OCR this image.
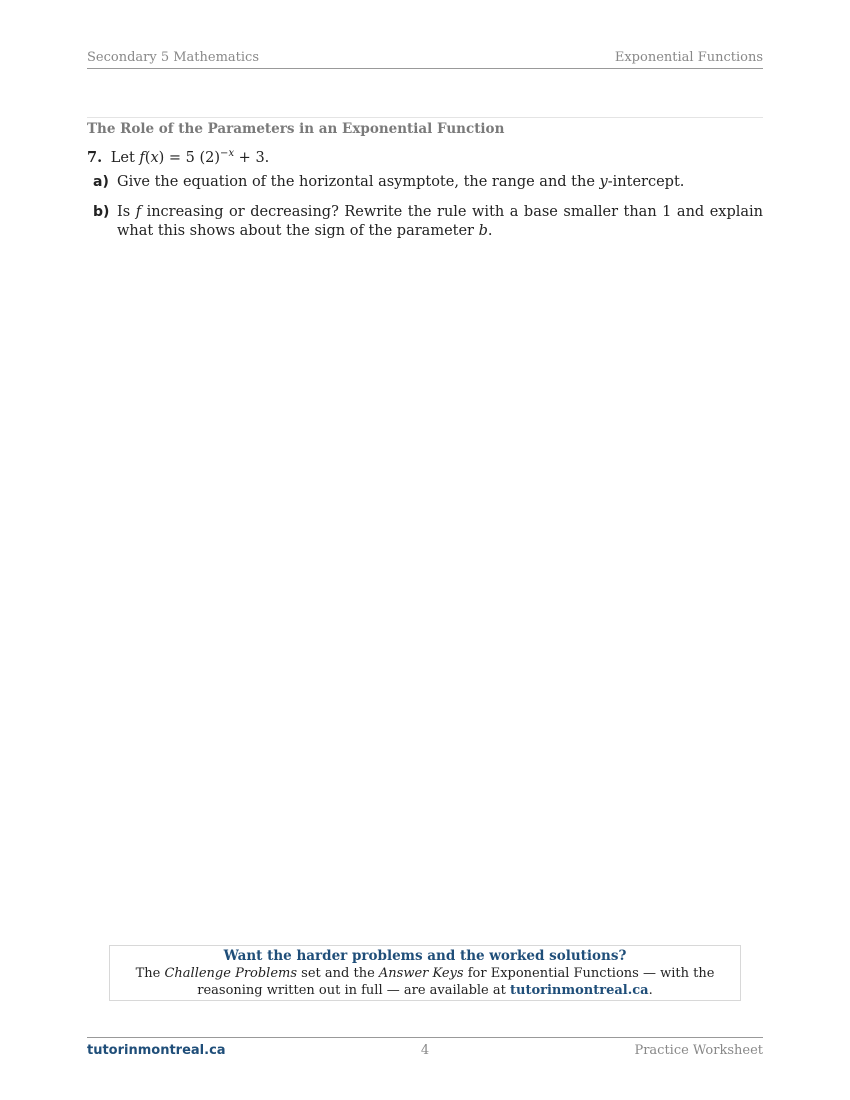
Secondary 5 Mathematics	Exponential Functions
The Role of the Parameters in an Exponential Function
7. Let f(x) = 5 $(2)^{-x} + 3$.
a) Give the equation of the horizontal asymptote, the range and the y-intercept.
b) Is f increasing or decreasing? Rewrite the rule with a base smaller than 1 and explain what this shows about the sign of the parameter b.
Want the harder problems and the worked solutions?
The Challenge Problems set and the Answer Keys for Exponential Functions — with the reasoning written out in full — are available at tutorinmontreal.ca.
tutorinmontreal.ca	4	Practice Worksheet
